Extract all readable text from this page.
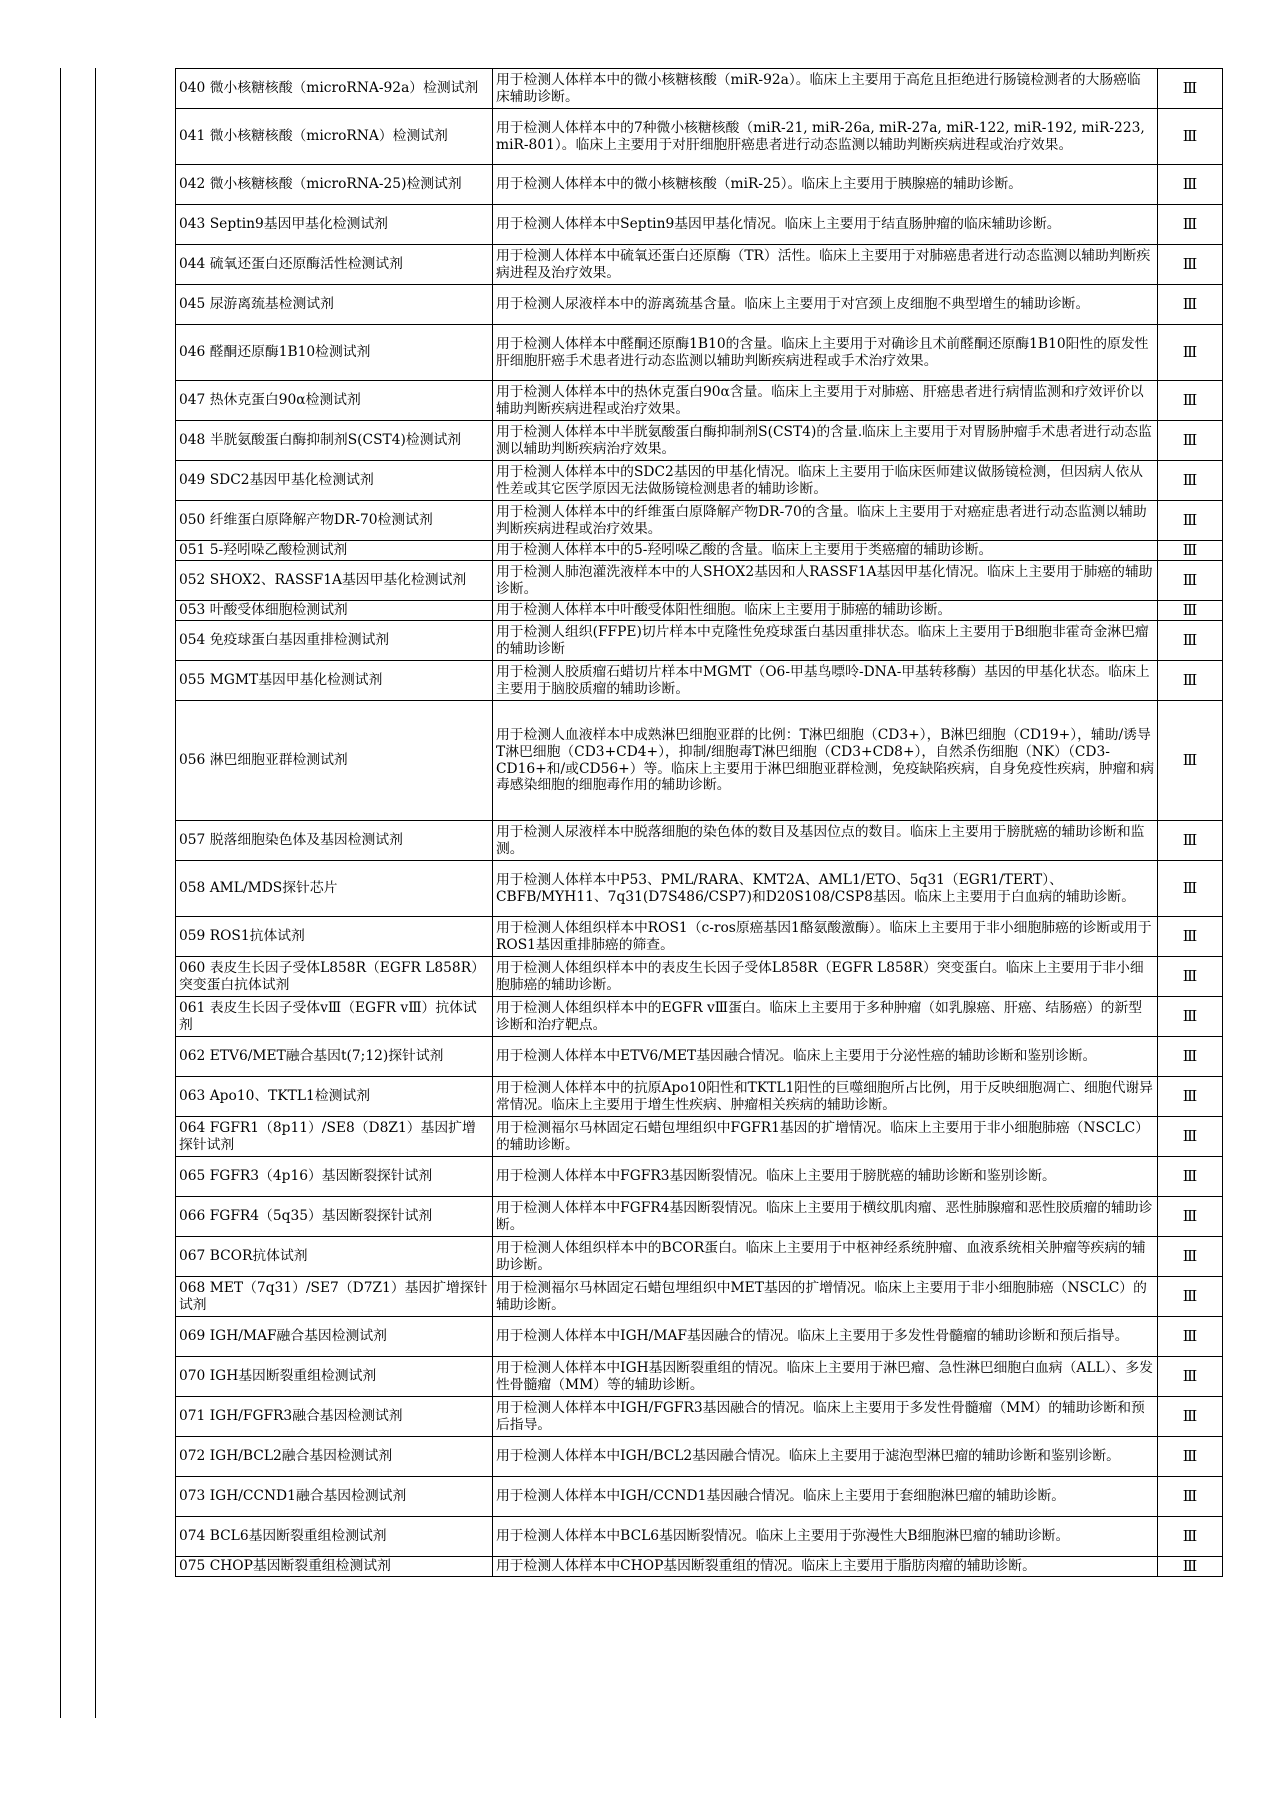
040 微小核糖核酸（microRNA-92a）检测试剂	用于检测人体样本中的微小核糖核酸（miR-92a）。临床上主要用于高危且拒绝进行肠镜检测者的大肠癌临床辅助诊断。	Ⅲ
041 微小核糖核酸（microRNA）检测试剂	用于检测人体样本中的7种微小核糖核酸（miR-21, miR-26a, miR-27a, miR-122, miR-192, miR-223, miR-801）。临床上主要用于对肝细胞肝癌患者进行动态监测以辅助判断疾病进程或治疗效果。	Ⅲ
042 微小核糖核酸（microRNA-25)检测试剂	用于检测人体样本中的微小核糖核酸（miR-25）。临床上主要用于胰腺癌的辅助诊断。	Ⅲ
043 Septin9基因甲基化检测试剂	用于检测人体样本中Septin9基因甲基化情况。临床上主要用于结直肠肿瘤的临床辅助诊断。	Ⅲ
044 硫氧还蛋白还原酶活性检测试剂	用于检测人体样本中硫氧还蛋白还原酶（TR）活性。临床上主要用于对肺癌患者进行动态监测以辅助判断疾病进程及治疗效果。	Ⅲ
045 尿游离巯基检测试剂	用于检测人尿液样本中的游离巯基含量。临床上主要用于对宫颈上皮细胞不典型增生的辅助诊断。	Ⅲ
046 醛酮还原酶1B10检测试剂	用于检测人体样本中醛酮还原酶1B10的含量。临床上主要用于对确诊且术前醛酮还原酶1B10阳性的原发性肝细胞肝癌手术患者进行动态监测以辅助判断疾病进程或手术治疗效果。	Ⅲ
047 热休克蛋白90α检测试剂	用于检测人体样本中的热休克蛋白90α含量。临床上主要用于对肺癌、肝癌患者进行病情监测和疗效评价以辅助判断疾病进程或治疗效果。	Ⅲ
048 半胱氨酸蛋白酶抑制剂S(CST4)检测试剂	用于检测人体样本中半胱氨酸蛋白酶抑制剂S(CST4)的含量.临床上主要用于对胃肠肿瘤手术患者进行动态监测以辅助判断疾病治疗效果。	Ⅲ
049 SDC2基因甲基化检测试剂	用于检测人体样本中的SDC2基因的甲基化情况。临床上主要用于临床医师建议做肠镜检测，但因病人依从性差或其它医学原因无法做肠镜检测患者的辅助诊断。	Ⅲ
050 纤维蛋白原降解产物DR-70检测试剂	用于检测人体样本中的纤维蛋白原降解产物DR-70的含量。临床上主要用于对癌症患者进行动态监测以辅助判断疾病进程或治疗效果。	Ⅲ
051 5-羟吲哚乙酸检测试剂	用于检测人体样本中的5-羟吲哚乙酸的含量。临床上主要用于类癌瘤的辅助诊断。	Ⅲ
052 SHOX2、RASSF1A基因甲基化检测试剂	用于检测人肺泡灌洗液样本中的人SHOX2基因和人RASSF1A基因甲基化情况。临床上主要用于肺癌的辅助诊断。	Ⅲ
053 叶酸受体细胞检测试剂	用于检测人体样本中叶酸受体阳性细胞。临床上主要用于肺癌的辅助诊断。	Ⅲ
054 免疫球蛋白基因重排检测试剂	用于检测人组织(FFPE)切片样本中克隆性免疫球蛋白基因重排状态。临床上主要用于B细胞非霍奇金淋巴瘤的辅助诊断	Ⅲ
055 MGMT基因甲基化检测试剂	用于检测人胶质瘤石蜡切片样本中MGMT（O6-甲基鸟嘌呤-DNA-甲基转移酶）基因的甲基化状态。临床上主要用于脑胶质瘤的辅助诊断。	Ⅲ
056 淋巴细胞亚群检测试剂	用于检测人血液样本中成熟淋巴细胞亚群的比例：T淋巴细胞（CD3+），B淋巴细胞（CD19+），辅助/诱导T淋巴细胞（CD3+CD4+），抑制/细胞毒T淋巴细胞（CD3+CD8+），自然杀伤细胞（NK）（CD3-CD16+和/或CD56+）等。临床上主要用于淋巴细胞亚群检测，免疫缺陷疾病，自身免疫性疾病，肿瘤和病毒感染细胞的细胞毒作用的辅助诊断。	Ⅲ
057 脱落细胞染色体及基因检测试剂	用于检测人尿液样本中脱落细胞的染色体的数目及基因位点的数目。临床上主要用于膀胱癌的辅助诊断和监测。	Ⅲ
058 AML/MDS探针芯片	用于检测人体样本中P53、PML/RARA、KMT2A、AML1/ETO、5q31（EGR1/TERT）、CBFB/MYH11、7q31(D7S486/CSP7)和D20S108/CSP8基因。临床上主要用于白血病的辅助诊断。	Ⅲ
059 ROS1抗体试剂	用于检测人体组织样本中ROS1（c-ros原癌基因1酪氨酸激酶）。临床上主要用于非小细胞肺癌的诊断或用于ROS1基因重排肺癌的筛查。	Ⅲ
060 表皮生长因子受体L858R（EGFR L858R）突变蛋白抗体试剂	用于检测人体组织样本中的表皮生长因子受体L858R（EGFR L858R）突变蛋白。临床上主要用于非小细胞肺癌的辅助诊断。	Ⅲ
061 表皮生长因子受体vⅢ（EGFR vⅢ）抗体试剂	用于检测人体组织样本中的EGFR vⅢ蛋白。临床上主要用于多种肿瘤（如乳腺癌、肝癌、结肠癌）的新型诊断和治疗靶点。	Ⅲ
062 ETV6/MET融合基因t(7;12)探针试剂	用于检测人体样本中ETV6/MET基因融合情况。临床上主要用于分泌性癌的辅助诊断和鉴别诊断。	Ⅲ
063 Apo10、TKTL1检测试剂	用于检测人体样本中的抗原Apo10阳性和TKTL1阳性的巨噬细胞所占比例，用于反映细胞凋亡、细胞代谢异常情况。临床上主要用于增生性疾病、肿瘤相关疾病的辅助诊断。	Ⅲ
064 FGFR1（8p11）/SE8（D8Z1）基因扩增探针试剂	用于检测福尔马林固定石蜡包埋组织中FGFR1基因的扩增情况。临床上主要用于非小细胞肺癌（NSCLC）的辅助诊断。	Ⅲ
065 FGFR3（4p16）基因断裂探针试剂	用于检测人体样本中FGFR3基因断裂情况。临床上主要用于膀胱癌的辅助诊断和鉴别诊断。	Ⅲ
066 FGFR4（5q35）基因断裂探针试剂	用于检测人体样本中FGFR4基因断裂情况。临床上主要用于横纹肌肉瘤、恶性肺腺瘤和恶性胶质瘤的辅助诊断。	Ⅲ
067 BCOR抗体试剂	用于检测人体组织样本中的BCOR蛋白。临床上主要用于中枢神经系统肿瘤、血液系统相关肿瘤等疾病的辅助诊断。	Ⅲ
068 MET（7q31）/SE7（D7Z1）基因扩增探针试剂	用于检测福尔马林固定石蜡包埋组织中MET基因的扩增情况。临床上主要用于非小细胞肺癌（NSCLC）的辅助诊断。	Ⅲ
069 IGH/MAF融合基因检测试剂	用于检测人体样本中IGH/MAF基因融合的情况。临床上主要用于多发性骨髓瘤的辅助诊断和预后指导。	Ⅲ
070 IGH基因断裂重组检测试剂	用于检测人体样本中IGH基因断裂重组的情况。临床上主要用于淋巴瘤、急性淋巴细胞白血病（ALL）、多发性骨髓瘤（MM）等的辅助诊断。	Ⅲ
071 IGH/FGFR3融合基因检测试剂	用于检测人体样本中IGH/FGFR3基因融合的情况。临床上主要用于多发性骨髓瘤（MM）的辅助诊断和预后指导。	Ⅲ
072 IGH/BCL2融合基因检测试剂	用于检测人体样本中IGH/BCL2基因融合情况。临床上主要用于滤泡型淋巴瘤的辅助诊断和鉴别诊断。	Ⅲ
073 IGH/CCND1融合基因检测试剂	用于检测人体样本中IGH/CCND1基因融合情况。临床上主要用于套细胞淋巴瘤的辅助诊断。	Ⅲ
074 BCL6基因断裂重组检测试剂	用于检测人体样本中BCL6基因断裂情况。临床上主要用于弥漫性大B细胞淋巴瘤的辅助诊断。	Ⅲ
075 CHOP基因断裂重组检测试剂	用于检测人体样本中CHOP基因断裂重组的情况。临床上主要用于脂肪肉瘤的辅助诊断。	Ⅲ
